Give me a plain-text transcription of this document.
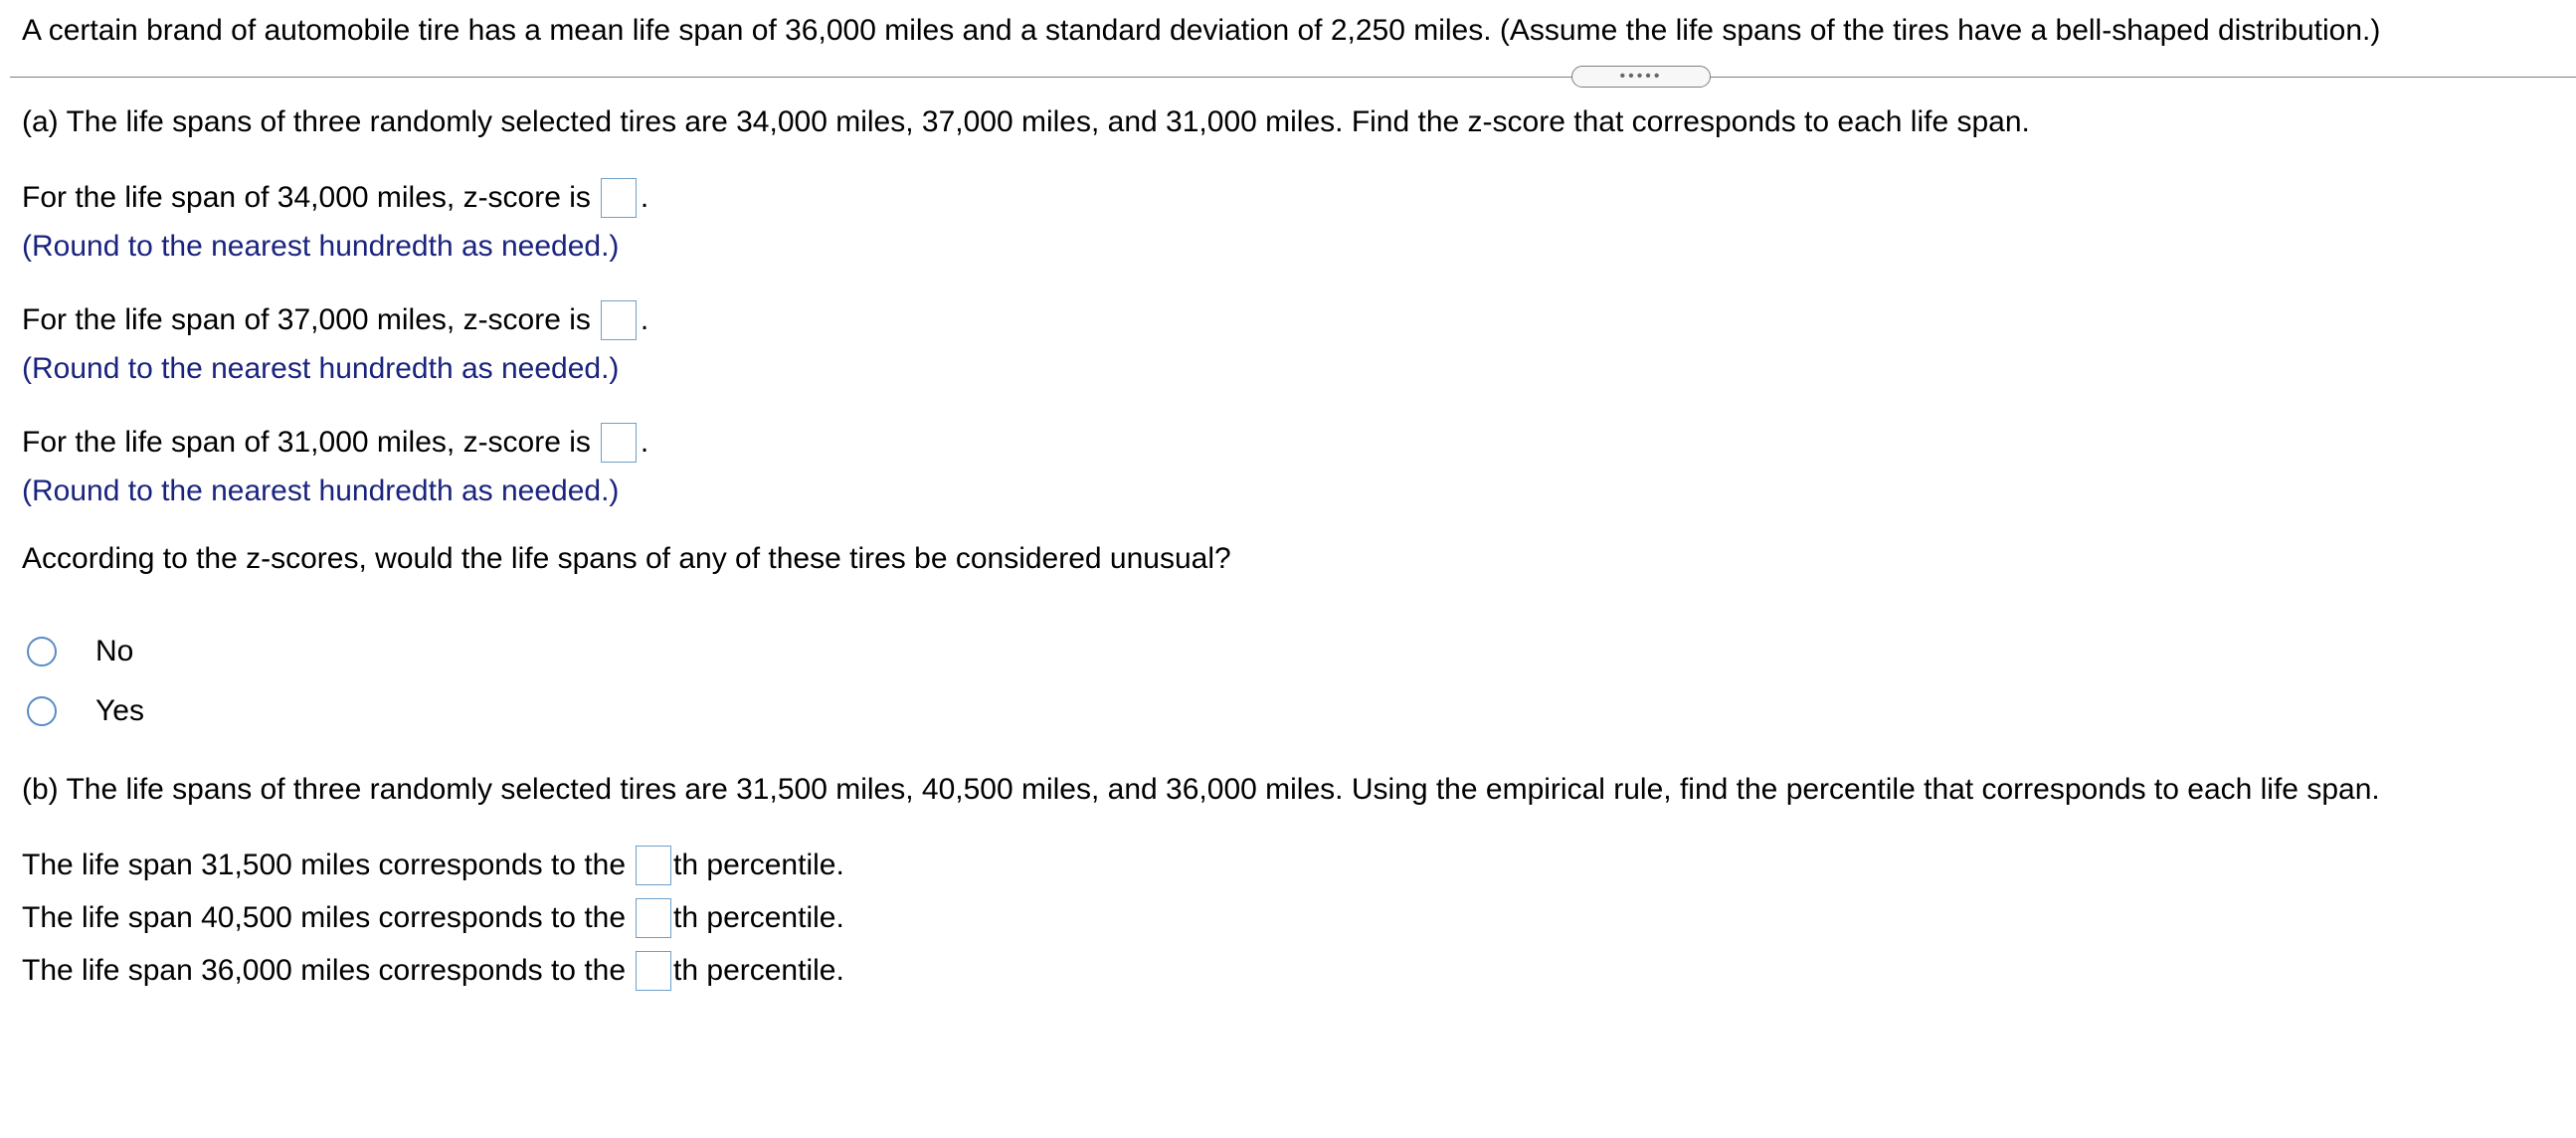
A certain brand of automobile tire has a mean life span of 36,000 miles and a standard deviation of 2,250 miles. (Assume the life spans of the tires have a bell-shaped distribution.)
•••••
(a) The life spans of three randomly selected tires are 34,000 miles, 37,000 miles, and 31,000 miles. Find the z-score that corresponds to each life span.
For the life span of 34,000 miles, z-score is .
(Round to the nearest hundredth as needed.)
For the life span of 37,000 miles, z-score is .
(Round to the nearest hundredth as needed.)
For the life span of 31,000 miles, z-score is .
(Round to the nearest hundredth as needed.)
According to the z-scores, would the life spans of any of these tires be considered unusual?
No
Yes
(b) The life spans of three randomly selected tires are 31,500 miles, 40,500 miles, and 36,000 miles. Using the empirical rule, find the percentile that corresponds to each life span.
The life span 31,500 miles corresponds to the th percentile.
The life span 40,500 miles corresponds to the th percentile.
The life span 36,000 miles corresponds to the th percentile.
